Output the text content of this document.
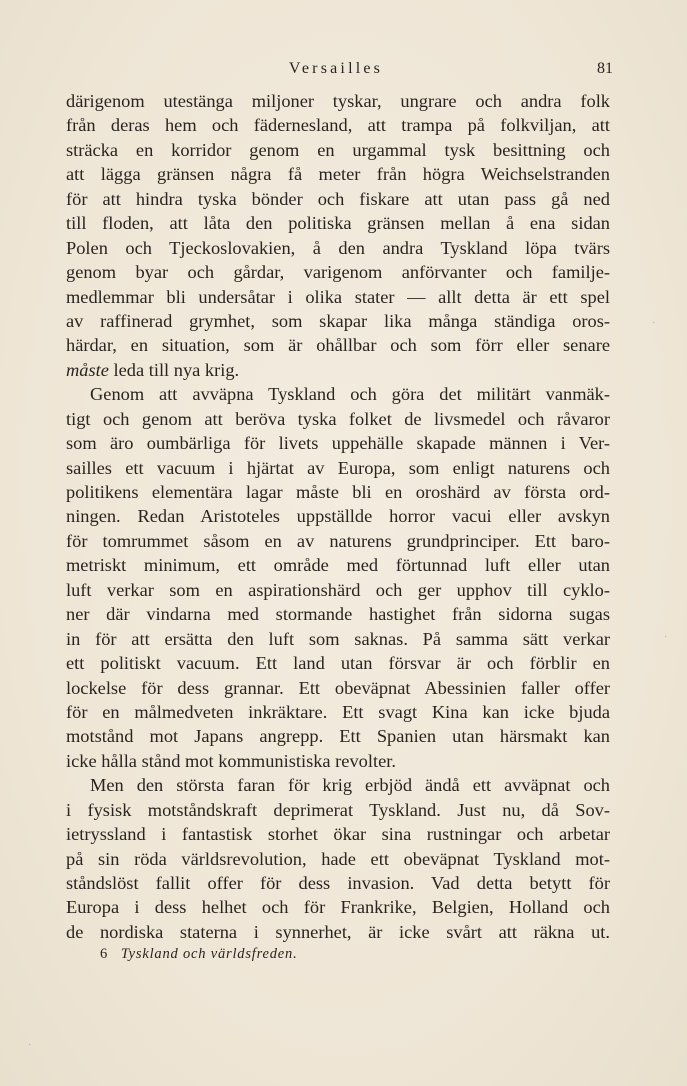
Versailles	81
därigenom utestänga miljoner tyskar, ungrare och andra folk
från deras hem och fädernesland, att trampa på folkviljan, att
sträcka en korridor genom en urgammal tysk besittning och
att lägga gränsen några få meter från högra Weichselstranden
för att hindra tyska bönder och fiskare att utan pass gå ned
till floden, att låta den politiska gränsen mellan å ena sidan
Polen och Tjeckoslovakien, å den andra Tyskland löpa tvärs
genom byar och gårdar, varigenom anförvanter och familje-
medlemmar bli undersåtar i olika stater — allt detta är ett spel
av raffinerad grymhet, som skapar lika många ständiga oros-
härdar, en situation, som är ohållbar och som förr eller senare
måste leda till nya krig.
Genom att avväpna Tyskland och göra det militärt vanmäk-
tigt och genom att beröva tyska folket de livsmedel och råvaror
som äro oumbärliga för livets uppehälle skapade männen i Ver-
sailles ett vacuum i hjärtat av Europa, som enligt naturens och
politikens elementära lagar måste bli en oroshärd av första ord-
ningen. Redan Aristoteles uppställde horror vacui eller avskyn
för tomrummet såsom en av naturens grundprinciper. Ett baro-
metriskt minimum, ett område med förtunnad luft eller utan
luft verkar som en aspirationshärd och ger upphov till cyklo-
ner där vindarna med stormande hastighet från sidorna sugas
in för att ersätta den luft som saknas. På samma sätt verkar
ett politiskt vacuum. Ett land utan försvar är och förblir en
lockelse för dess grannar. Ett obeväpnat Abessinien faller offer
för en målmedveten inkräktare. Ett svagt Kina kan icke bjuda
motstånd mot Japans angrepp. Ett Spanien utan härsmakt kan
icke hålla stånd mot kommunistiska revolter.
Men den största faran för krig erbjöd ändå ett avväpnat och
i fysisk motståndskraft deprimerat Tyskland. Just nu, då Sov-
ietryssland i fantastisk storhet ökar sina rustningar och arbetar
på sin röda världsrevolution, hade ett obeväpnat Tyskland mot-
ståndslöst fallit offer för dess invasion. Vad detta betytt för
Europa i dess helhet och för Frankrike, Belgien, Holland och
de nordiska staterna i synnerhet, är icke svårt att räkna ut.
6 Tyskland och världsfreden.
·
·
·
